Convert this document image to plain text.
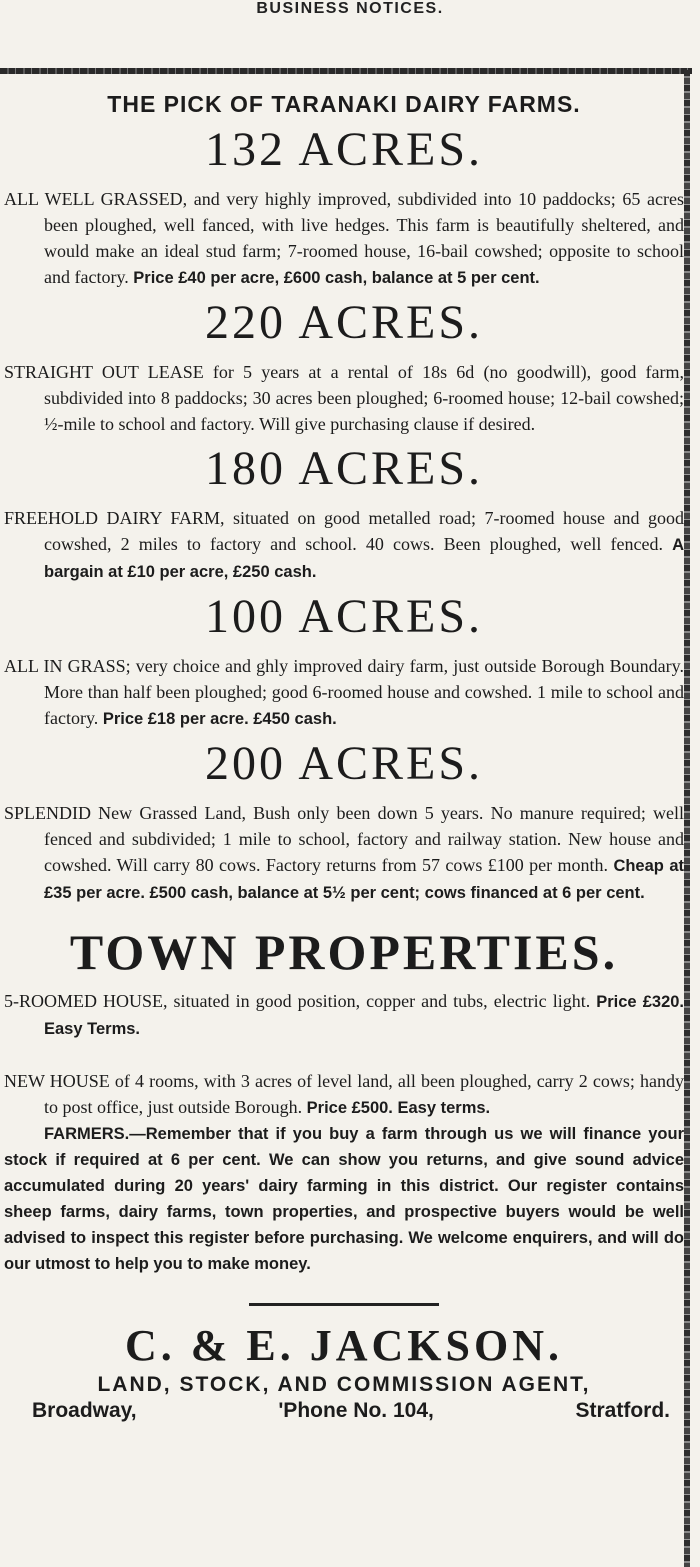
BUSINESS NOTICES.
THE PICK OF TARANAKI DAIRY FARMS.
132 ACRES.

ALL WELL GRASSED, and very highly improved, subdivided into 10 paddocks; 65 acres been ploughed, well fanced, with live hedges. This farm is beautifully sheltered, and would make an ideal stud farm; 7-roomed house, 16-bail cowshed; opposite to school and factory. Price £40 per acre, £600 cash, balance at 5 per cent.

220 ACRES.

STRAIGHT OUT LEASE for 5 years at a rental of 18s 6d (no goodwill), good farm, subdivided into 8 paddocks; 30 acres been ploughed; 6-roomed house; 12-bail cowshed; ½-mile to school and factory. Will give purchasing clause if desired.

180 ACRES.

FREEHOLD DAIRY FARM, situated on good metalled road; 7-roomed house and good cowshed, 2 miles to factory and school. 40 cows. Been ploughed, well fenced. A bargain at £10 per acre, £250 cash.

100 ACRES.

ALL IN GRASS; very choice and ghly improved dairy farm, just outside Borough Boundary. More than half been ploughed; good 6-roomed house and cowshed. 1 mile to school and factory. Price £18 per acre. £450 cash.

200 ACRES.

SPLENDID New Grassed Land, Bush only been down 5 years. No manure required; well fenced and subdivided; 1 mile to school, factory and railway station. New house and cowshed. Will carry 80 cows. Factory returns from 57 cows £100 per month. Cheap at £35 per acre. £500 cash, balance at 5½ per cent; cows financed at 6 per cent.

TOWN PROPERTIES.

5-ROOMED HOUSE, situated in good position, copper and tubs, electric light. Price £320. Easy Terms.

NEW HOUSE of 4 rooms, with 3 acres of level land, all been ploughed, carry 2 cows; handy to post office, just outside Borough. Price £500. Easy terms.

FARMERS.—Remember that if you buy a farm through us we will finance your stock if required at 6 per cent. We can show you returns, and give sound advice accumulated during 20 years' dairy farming in this district. Our register contains sheep farms, dairy farms, town properties, and prospective buyers would be well advised to inspect this register before purchasing. We welcome enquirers, and will do our utmost to help you to make money.

C. & E. JACKSON.
LAND, STOCK, AND COMMISSION AGENT,
Broadway,	'Phone No. 104,	Stratford.
